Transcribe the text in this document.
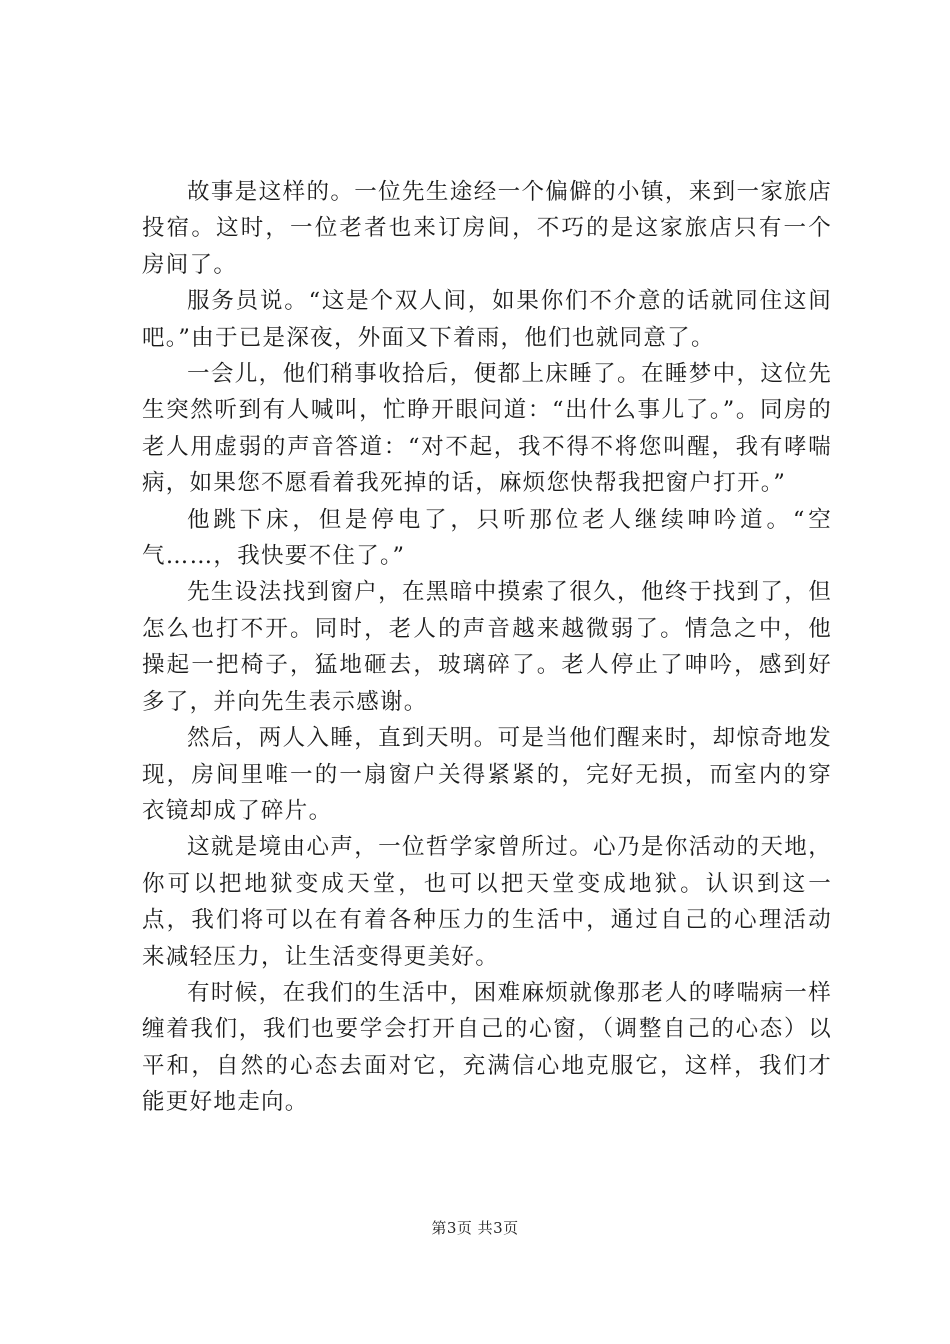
故事是这样的。一位先生途经一个偏僻的小镇，来到一家旅店投宿。这时，一位老者也来订房间，不巧的是这家旅店只有一个房间了。

服务员说。“这是个双人间，如果你们不介意的话就同住这间吧。”由于已是深夜，外面又下着雨，他们也就同意了。

一会儿，他们稍事收拾后，便都上床睡了。在睡梦中，这位先生突然听到有人喊叫，忙睁开眼问道：“出什么事儿了。”。同房的老人用虚弱的声音答道：“对不起，我不得不将您叫醒，我有哮喘病，如果您不愿看着我死掉的话，麻烦您快帮我把窗户打开。”

他跳下床，但是停电了，只听那位老人继续呻吟道。“空气……，我快要不住了。”

先生设法找到窗户，在黑暗中摸索了很久，他终于找到了，但怎么也打不开。同时，老人的声音越来越微弱了。情急之中，他操起一把椅子，猛地砸去，玻璃碎了。老人停止了呻吟，感到好多了，并向先生表示感谢。

然后，两人入睡，直到天明。可是当他们醒来时，却惊奇地发现，房间里唯一的一扇窗户关得紧紧的，完好无损，而室内的穿衣镜却成了碎片。

这就是境由心声，一位哲学家曾所过。心乃是你活动的天地，你可以把地狱变成天堂，也可以把天堂变成地狱。认识到这一点，我们将可以在有着各种压力的生活中，通过自己的心理活动来减轻压力，让生活变得更美好。

有时候，在我们的生活中，困难麻烦就像那老人的哮喘病一样缠着我们，我们也要学会打开自己的心窗，（调整自己的心态）以平和，自然的心态去面对它，充满信心地克服它，这样，我们才能更好地走向。

第3页 共3页
